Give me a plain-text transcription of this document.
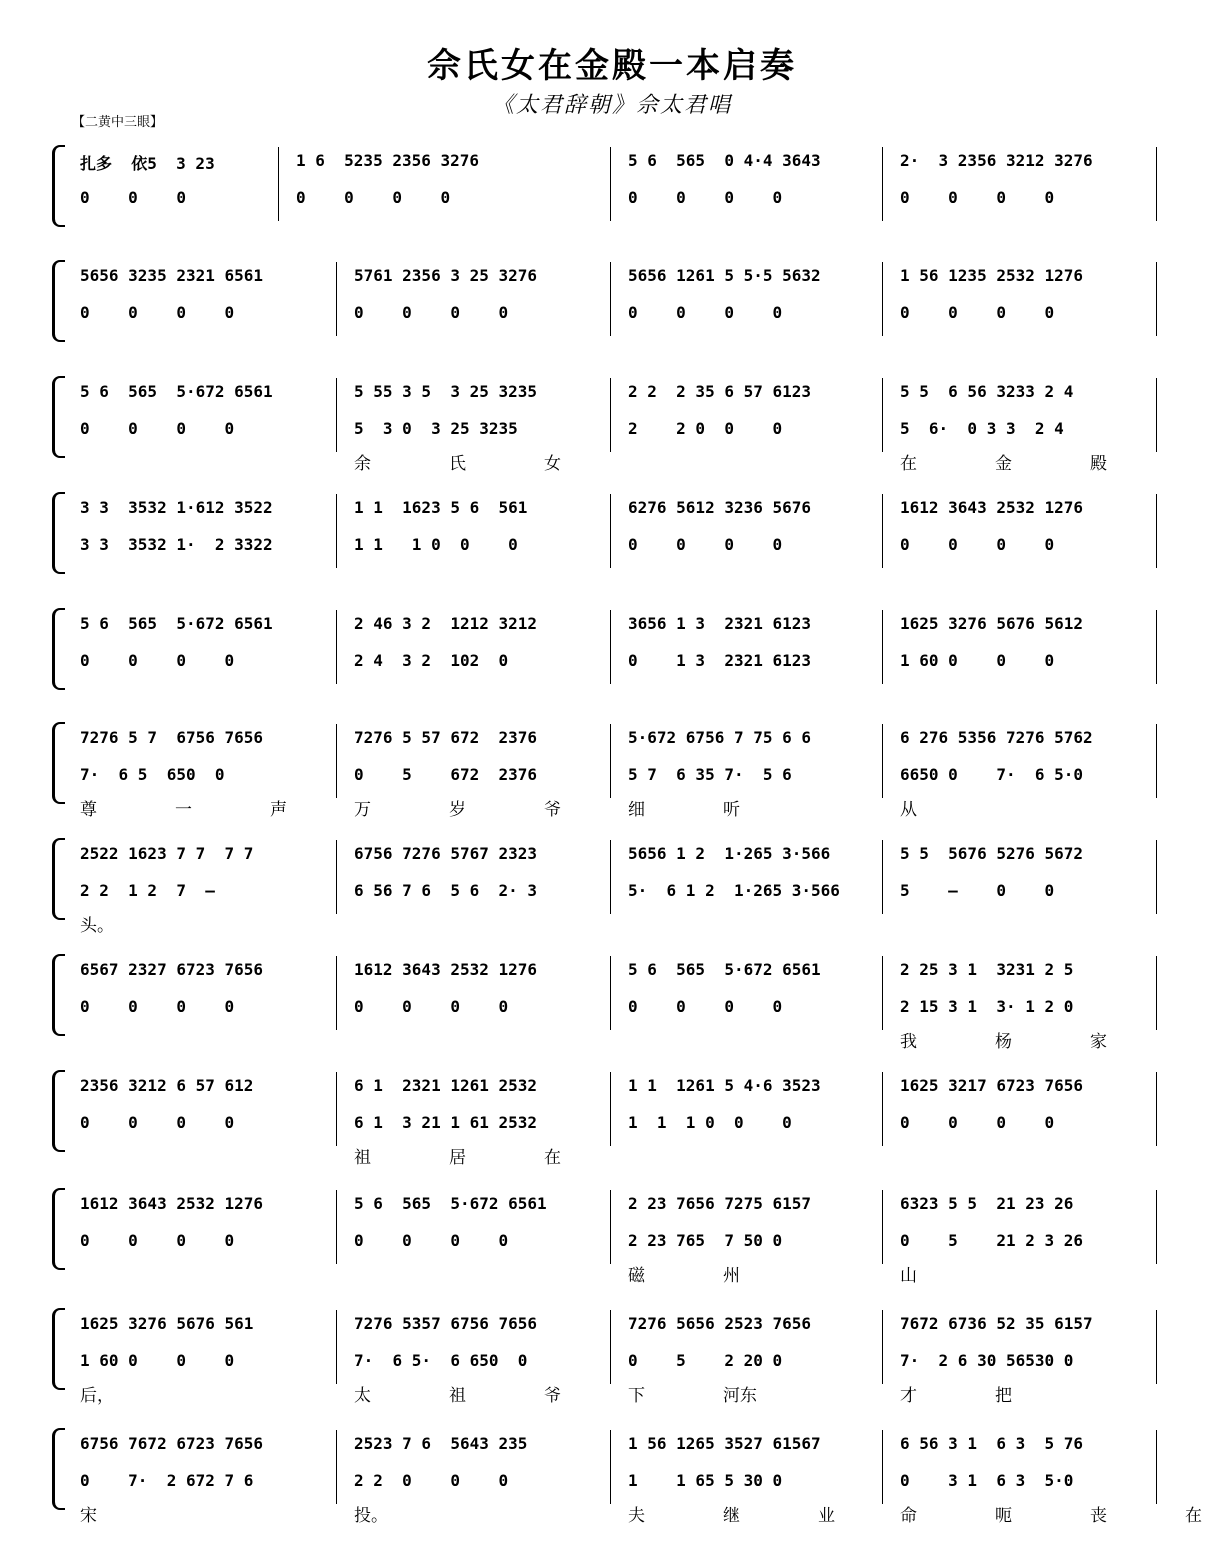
佘氏女在金殿一本启奏
《太君辞朝》佘太君唱
【二黄中三眼】
扎多  依5  3 23
0    0    0
1 6  5235 2356 3276
0    0    0    0
5 6  565  0 4·4 3643
0    0    0    0
2·  3 2356 3212 3276
0    0    0    0
5656 3235 2321 6561
0    0    0    0
5761 2356 3 25 3276
0    0    0    0
5656 1261 5 5·5 5632
0    0    0    0
1 56 1235 2532 1276
0    0    0    0
5 6  565  5·672 6561
0    0    0    0
5 55 3 5  3 25 3235
5  3 0  3 25 3235
2 2  2 35 6 57 6123
2    2 0  0    0
5 5  6 56 3233 2 4
5  6·  0 3 3  2 4
余	氏	女	在	金	殿
3 3  3532 1·612 3522
3 3  3532 1·  2 3322
1 1  1623 5 6  561
1 1   1 0  0    0
6276 5612 3236 5676
0    0    0    0
1612 3643 2532 1276
0    0    0    0
5 6  565  5·672 6561
0    0    0    0
2 46 3 2  1212 3212
2 4  3 2  102  0
3656 1 3  2321 6123
0    1 3  2321 6123
1625 3276 5676 5612
1 60 0    0    0
7276 5 7  6756 7656
7·  6 5  650  0
7276 5 57 672  2376
0    5    672  2376
5·672 6756 7 75 6 6
5 7  6 35 7·  5 6
6 276 5356 7276 5762
6650 0    7·  6 5·0
尊	一	声	万	岁	爷	细	听	从
2522 1623 7 7  7 7
2 2  1 2  7  —
6756 7276 5767 2323
6 56 7 6  5 6  2· 3
5656 1 2  1·265 3·566
5·  6 1 2  1·265 3·566
5 5  5676 5276 5672
5    —    0    0
头。
6567 2327 6723 7656
0    0    0    0
1612 3643 2532 1276
0    0    0    0
5 6  565  5·672 6561
0    0    0    0
2 25 3 1  3231 2 5
2 15 3 1  3· 1 2 0
我	杨	家
2356 3212 6 57 612
0    0    0    0
6 1  2321 1261 2532
6 1  3 21 1 61 2532
1 1  1261 5 4·6 3523
1  1  1 0  0    0
1625 3217 6723 7656
0    0    0    0
祖	居	在
1612 3643 2532 1276
0    0    0    0
5 6  565  5·672 6561
0    0    0    0
2 23 7656 7275 6157
2 23 765  7 50 0
6323 5 5  21 23 26
0    5    21 2 3 26
磁	州	山
1625 3276 5676 561
1 60 0    0    0
7276 5357 6756 7656
7·  6 5·  6 650  0
7276 5656 2523 7656
0    5    2 20 0
7672 6736 52 35 6157
7·  2 6 30 56530 0
后，	太	祖	爷	下	河东	才	把
6756 7672 6723 7656
0    7·  2 672 7 6
2523 7 6  5643 235
2 2  0    0    0
1 56 1265 3527 61567
1    1 65 5 30 0
6 56 3 1  6 3  5 76
0    3 1  6 3  5·0
宋	投。	夫	继	业	命	呃	丧	在
